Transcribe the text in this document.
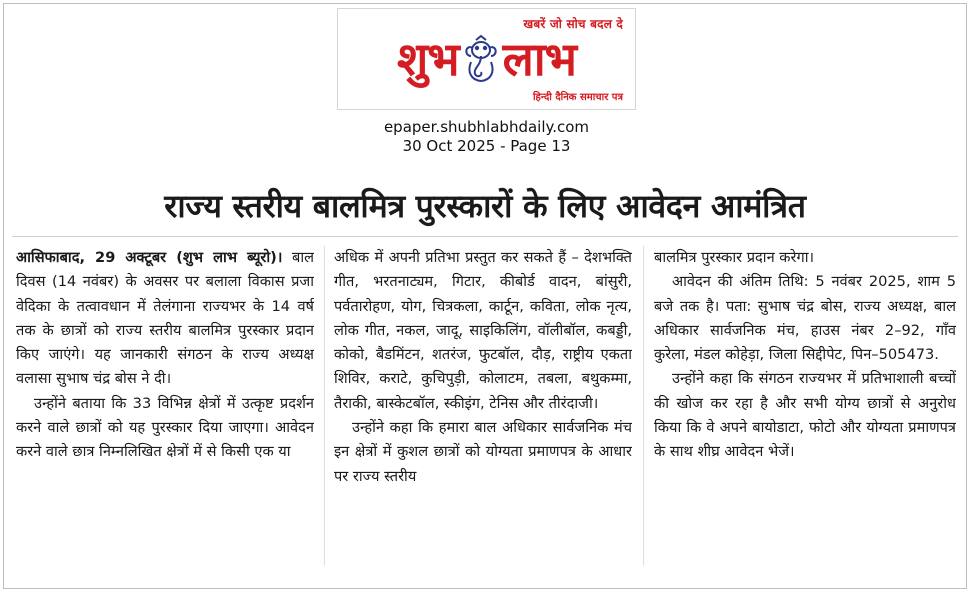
खबरें जो सोच बदल दे
शुभ लाभ
हिन्दी दैनिक समाचार पत्र
epaper.shubhlabhdaily.com
30 Oct 2025 - Page 13
राज्य स्तरीय बालमित्र पुरस्कारों के लिए आवेदन आमंत्रित

आसिफाबाद, 29 अक्टूबर (शुभ लाभ ब्यूरो)। बाल दिवस (14 नवंबर) के अवसर पर बलाला विकास प्रजा वेदिका के तत्वावधान में तेलंगाना राज्यभर के 14 वर्ष तक के छात्रों को राज्य स्तरीय बालमित्र पुरस्कार प्रदान किए जाएंगे। यह जानकारी संगठन के राज्य अध्यक्ष वलासा सुभाष चंद्र बोस ने दी।

उन्होंने बताया कि 33 विभिन्न क्षेत्रों में उत्कृष्ट प्रदर्शन करने वाले छात्रों को यह पुरस्कार दिया जाएगा। आवेदन करने वाले छात्र निम्नलिखित क्षेत्रों में से किसी एक या

अधिक में अपनी प्रतिभा प्रस्तुत कर सकते हैं – देशभक्ति गीत, भरतनाट्यम, गिटार, कीबोर्ड वादन, बांसुरी, पर्वतारोहण, योग, चित्रकला, कार्टून, कविता, लोक नृत्य, लोक गीत, नकल, जादू, साइकिलिंग, वॉलीबॉल, कबड्डी, कोको, बैडमिंटन, शतरंज, फुटबॉल, दौड़, राष्ट्रीय एकता शिविर, कराटे, कुचिपुड़ी, कोलाटम, तबला, बथुकम्मा, तैराकी, बास्केटबॉल, स्कीइंग, टेनिस और तीरंदाजी।

उन्होंने कहा कि हमारा बाल अधिकार सार्वजनिक मंच इन क्षेत्रों में कुशल छात्रों को योग्यता प्रमाणपत्र के आधार पर राज्य स्तरीय

बालमित्र पुरस्कार प्रदान करेगा।

आवेदन की अंतिम तिथि: 5 नवंबर 2025, शाम 5 बजे तक है। पता: सुभाष चंद्र बोस, राज्य अध्यक्ष, बाल अधिकार सार्वजनिक मंच, हाउस नंबर 2–92, गाँव कुरेला, मंडल कोहेड़ा, जिला सिद्दीपेट, पिन–505473.

उन्होंने कहा कि संगठन राज्यभर में प्रतिभाशाली बच्चों की खोज कर रहा है और सभी योग्य छात्रों से अनुरोध किया कि वे अपने बायोडाटा, फोटो और योग्यता प्रमाणपत्र के साथ शीघ्र आवेदन भेजें।
